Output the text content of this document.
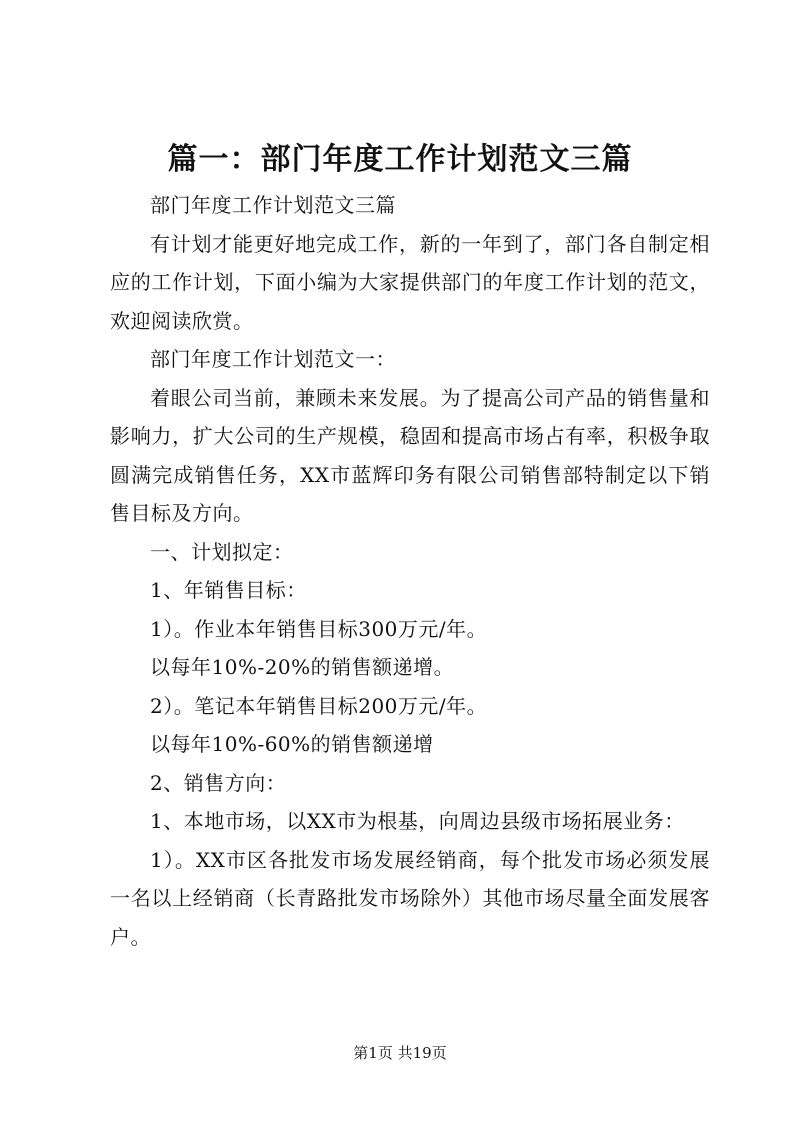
篇一：部门年度工作计划范文三篇

部门年度工作计划范文三篇

有计划才能更好地完成工作，新的一年到了，部门各自制定相应的工作计划，下面小编为大家提供部门的年度工作计划的范文，欢迎阅读欣赏。

部门年度工作计划范文一：

着眼公司当前，兼顾未来发展。为了提高公司产品的销售量和影响力，扩大公司的生产规模，稳固和提高市场占有率，积极争取圆满完成销售任务，XX市蓝辉印务有限公司销售部特制定以下销售目标及方向。

一、计划拟定：

1、年销售目标：

1）。作业本年销售目标300万元/年。

以每年10%-20%的销售额递增。

2）。笔记本年销售目标200万元/年。

以每年10%-60%的销售额递增

2、销售方向：

1、本地市场，以XX市为根基，向周边县级市场拓展业务：

1）。XX市区各批发市场发展经销商，每个批发市场必须发展一名以上经销商（长青路批发市场除外）其他市场尽量全面发展客户。

第1页 共19页
